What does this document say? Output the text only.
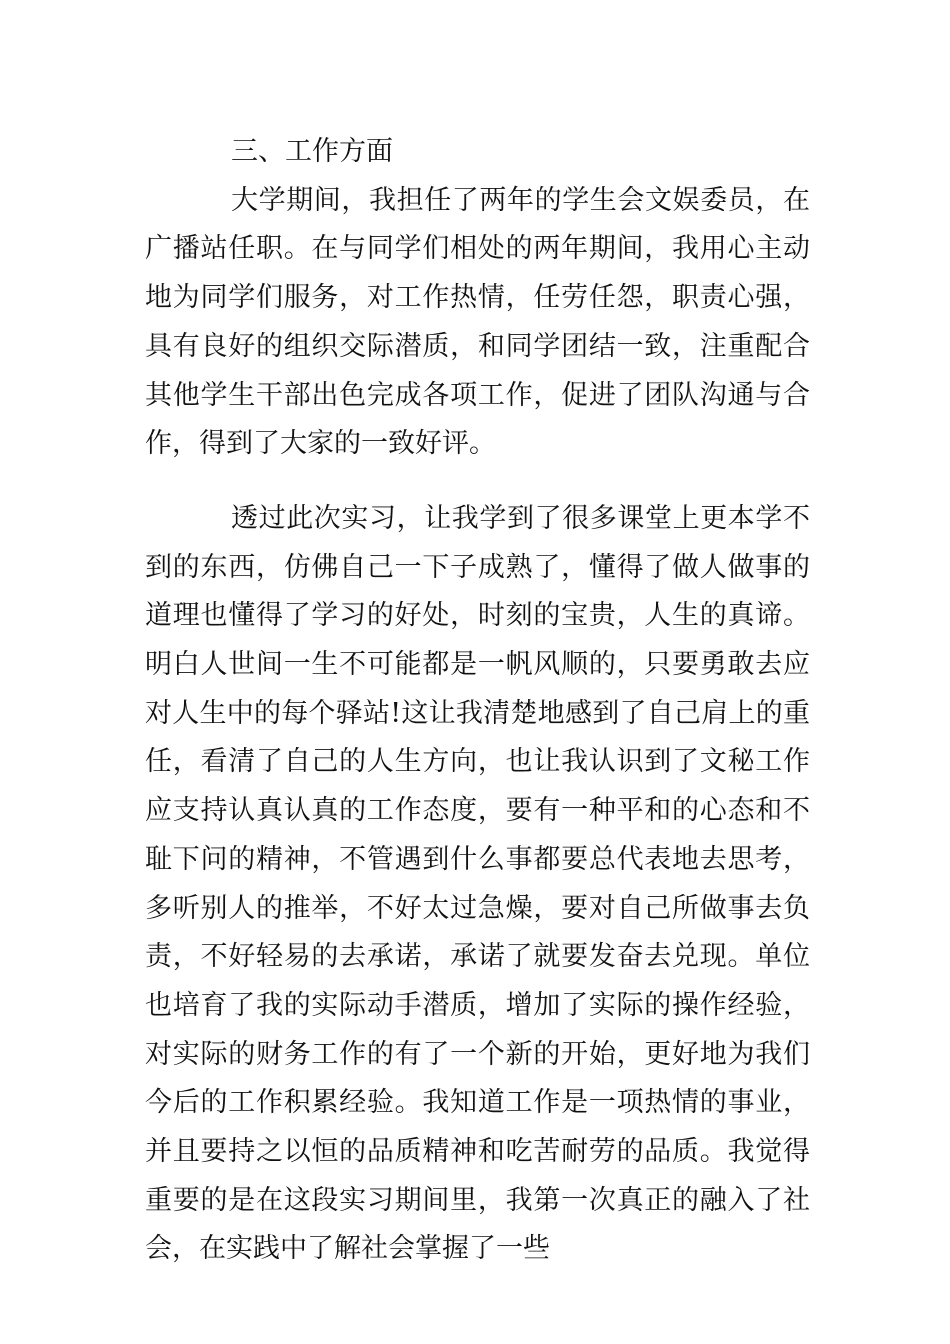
三、工作方面

大学期间，我担任了两年的学生会文娱委员，在广播站任职。在与同学们相处的两年期间，我用心主动地为同学们服务，对工作热情，任劳任怨，职责心强，具有良好的组织交际潜质，和同学团结一致，注重配合其他学生干部出色完成各项工作，促进了团队沟通与合作，得到了大家的一致好评。

透过此次实习，让我学到了很多课堂上更本学不到的东西，仿佛自己一下子成熟了，懂得了做人做事的道理也懂得了学习的好处，时刻的宝贵，人生的真谛。明白人世间一生不可能都是一帆风顺的，只要勇敢去应对人生中的每个驿站!这让我清楚地感到了自己肩上的重任，看清了自己的人生方向，也让我认识到了文秘工作应支持认真认真的工作态度，要有一种平和的心态和不耻下问的精神，不管遇到什么事都要总代表地去思考，多听别人的推举，不好太过急燥，要对自己所做事去负责，不好轻易的去承诺，承诺了就要发奋去兑现。单位也培育了我的实际动手潜质，增加了实际的操作经验，对实际的财务工作的有了一个新的开始，更好地为我们今后的工作积累经验。我知道工作是一项热情的事业，并且要持之以恒的品质精神和吃苦耐劳的品质。我觉得重要的是在这段实习期间里，我第一次真正的融入了社会，在实践中了解社会掌握了一些
